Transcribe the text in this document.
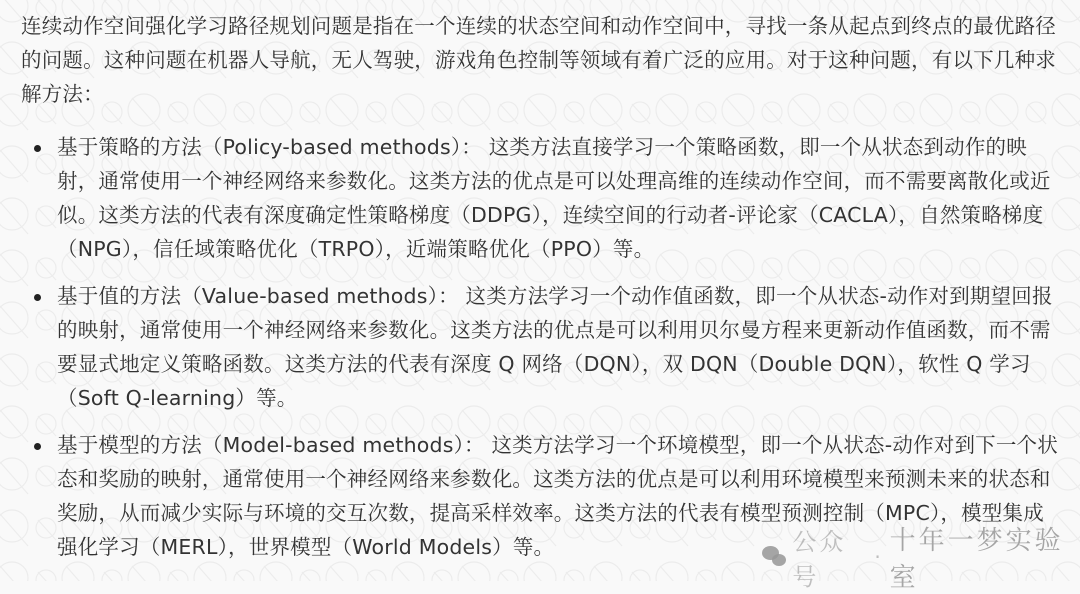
连续动作空间强化学习路径规划问题是指在一个连续的状态空间和动作空间中，寻找一条从起点到终点的最优路径的问题。这种问题在机器人导航，无人驾驶，游戏角色控制等领域有着广泛的应用。对于这种问题，有以下几种求解方法：

基于策略的方法（Policy-based methods）： 这类方法直接学习一个策略函数，即一个从状态到动作的映射，通常使用一个神经网络来参数化。这类方法的优点是可以处理高维的连续动作空间，而不需要离散化或近似。这类方法的代表有深度确定性策略梯度（DDPG），连续空间的行动者-评论家（CACLA），自然策略梯度（NPG），信任域策略优化（TRPO），近端策略优化（PPO）等。
基于值的方法（Value-based methods）： 这类方法学习一个动作值函数，即一个从状态-动作对到期望回报的映射，通常使用一个神经网络来参数化。这类方法的优点是可以利用贝尔曼方程来更新动作值函数，而不需要显式地定义策略函数。这类方法的代表有深度 Q 网络（DQN），双 DQN（Double DQN），软性 Q 学习（Soft Q-learning）等。
基于模型的方法（Model-based methods）： 这类方法学习一个环境模型，即一个从状态-动作对到下一个状态和奖励的映射，通常使用一个神经网络来参数化。这类方法的优点是可以利用环境模型来预测未来的状态和奖励，从而减少实际与环境的交互次数，提高采样效率。这类方法的代表有模型预测控制（MPC），模型集成强化学习（MERL），世界模型（World Models）等。	公众号
·
十年一梦实验室
